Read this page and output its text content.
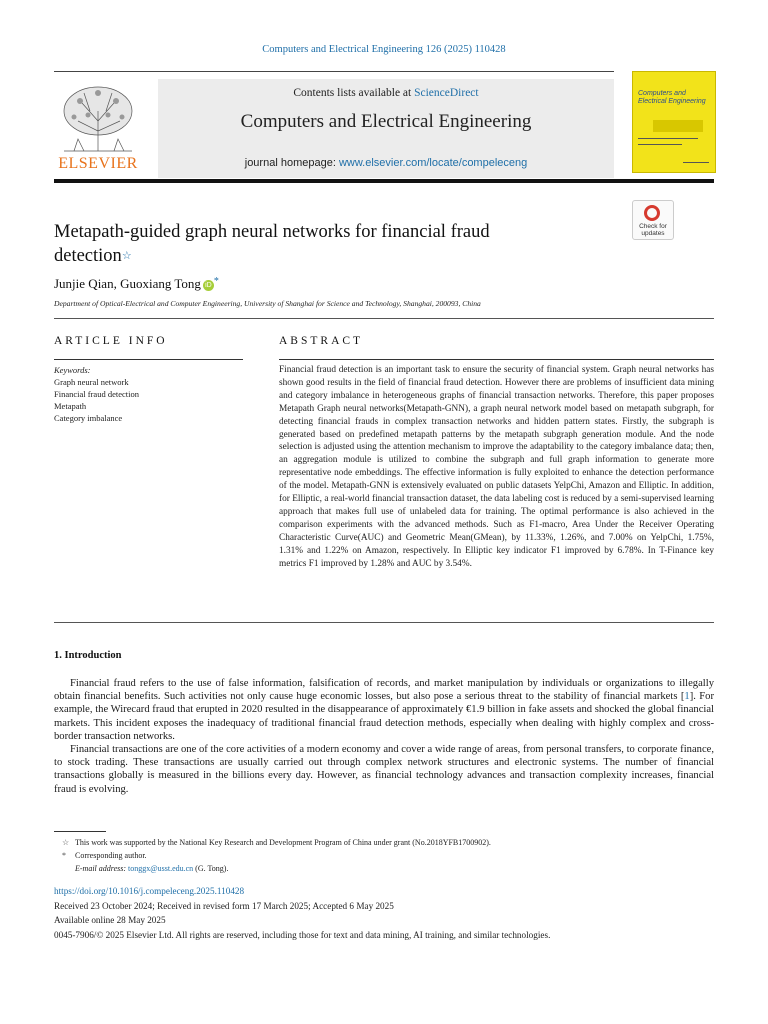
Computers and Electrical Engineering 126 (2025) 110428
ELSEVIER
Contents lists available at ScienceDirect
Computers and Electrical Engineering
journal homepage: www.elsevier.com/locate/compeleceng
Computers and Electrical Engineering
Metapath-guided graph neural networks for financial fraud
detection☆
Check for updates
Junjie Qian, Guoxiang Tong iD *
Department of Optical-Electrical and Computer Engineering, University of Shanghai for Science and Technology, Shanghai, 200093, China
ARTICLE INFO	ABSTRACT
Keywords:
Graph neural network
Financial fraud detection
Metapath
Category imbalance
Financial fraud detection is an important task to ensure the security of financial system. Graph neural networks has shown good results in the field of financial fraud detection. However there are problems of insufficient data mining and category imbalance in heterogeneous graphs of financial transaction networks. Therefore, this paper proposes Metapath Graph neural networks(Metapath-GNN), a graph neural network model based on metapath subgraph, for detecting financial frauds in complex transaction networks and hidden pattern states. Firstly, the subgraph is generated based on predefined metapath patterns by the metapath subgraph generation module. And the node selection is adjusted using the attention mechanism to improve the adaptability to the category imbalance data; then, an aggregation module is utilized to combine the subgraph and full graph information to generate more representative node embeddings. The effective information is fully exploited to enhance the detection performance of the model. Metapath-GNN is extensively evaluated on public datasets YelpChi, Amazon and Elliptic. In addition, for Elliptic, a real-world financial transaction dataset, the data labeling cost is reduced by a semi-supervised learning approach that makes full use of unlabeled data for training. The optimal performance is also achieved in the comparison experiments with the advanced methods. Such as F1-macro, Area Under the Receiver Operating Characteristic Curve(AUC) and Geometric Mean(GMean), by 11.33%, 1.26%, and 7.00% on YelpChi, 1.75%, 1.31% and 1.22% on Amazon, respectively. In Elliptic key indicator F1 improved by 6.78%. In T-Finance key metrics F1 improved by 1.28% and AUC by 3.54%.
1. Introduction

Financial fraud refers to the use of false information, falsification of records, and market manipulation by individuals or organizations to illegally obtain financial benefits. Such activities not only cause huge economic losses, but also pose a serious threat to the stability of financial markets [1]. For example, the Wirecard fraud that erupted in 2020 resulted in the disappearance of approximately €1.9 billion in fake assets and shocked the global financial markets. This incident exposes the inadequacy of traditional financial fraud detection methods, especially when dealing with highly complex and cross-border transaction networks.

Financial transactions are one of the core activities of a modern economy and cover a wide range of areas, from personal transfers, to corporate finance, to stock trading. These transactions are usually carried out through complex network structures and electronic systems. The number of financial transactions globally is measured in the billions every day. However, as financial technology advances and transaction complexity increases, financial fraud is evolving.

☆ This work was supported by the National Key Research and Development Program of China under grant (No.2018YFB1700902).
* Corresponding author.
E-mail address: tonggx@usst.edu.cn (G. Tong).
https://doi.org/10.1016/j.compeleceng.2025.110428
Received 23 October 2024; Received in revised form 17 March 2025; Accepted 6 May 2025
Available online 28 May 2025
0045-7906/© 2025 Elsevier Ltd. All rights are reserved, including those for text and data mining, AI training, and similar technologies.
